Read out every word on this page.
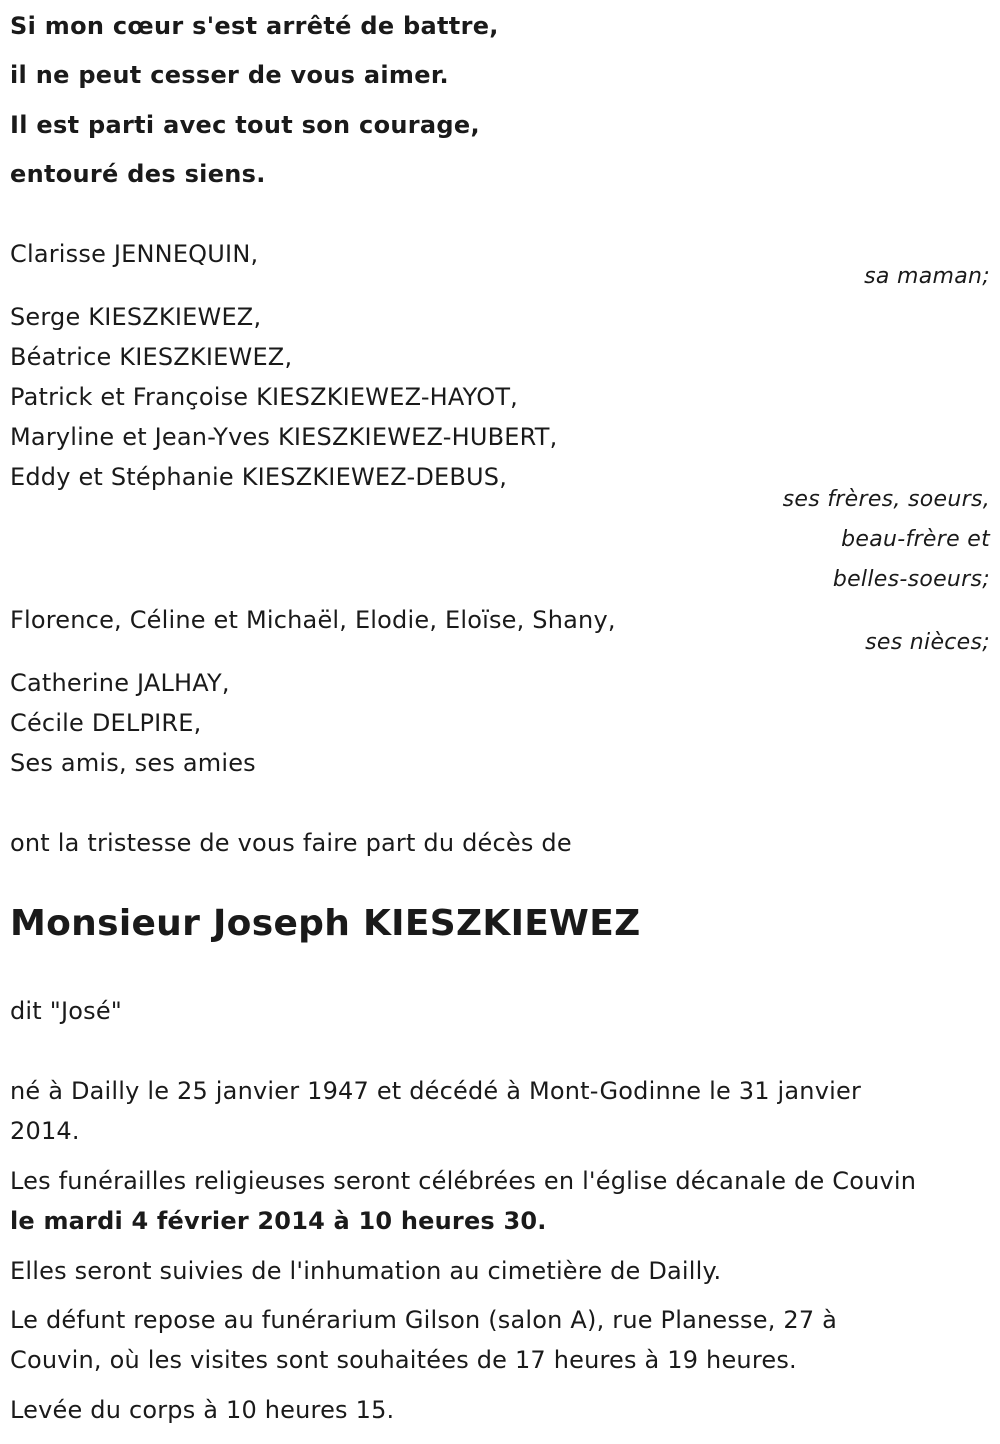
Si mon cœur s'est arrêté de battre,
il ne peut cesser de vous aimer.
Il est parti avec tout son courage,
entouré des siens.
Clarisse JENNEQUIN,
sa maman;
Serge KIESZKIEWEZ,
Béatrice KIESZKIEWEZ,
Patrick et Françoise KIESZKIEWEZ-HAYOT,
Maryline et Jean-Yves KIESZKIEWEZ-HUBERT,
Eddy et Stéphanie KIESZKIEWEZ-DEBUS,
ses frères, soeurs,
beau-frère et
belles-soeurs;
Florence, Céline et Michaël, Elodie, Eloïse, Shany,
ses nièces;
Catherine JALHAY,
Cécile DELPIRE,
Ses amis, ses amies
ont la tristesse de vous faire part du décès de
Monsieur Joseph KIESZKIEWEZ
dit "José"
né à Dailly le 25 janvier 1947 et décédé à Mont-Godinne le 31 janvier
2014.
Les funérailles religieuses seront célébrées en l'église décanale de Couvin
le mardi 4 février 2014 à 10 heures 30.
Elles seront suivies de l'inhumation au cimetière de Dailly.
Le défunt repose au funérarium Gilson (salon A), rue Planesse, 27 à
Couvin, où les visites sont souhaitées de 17 heures à 19 heures.
Levée du corps à 10 heures 15.
